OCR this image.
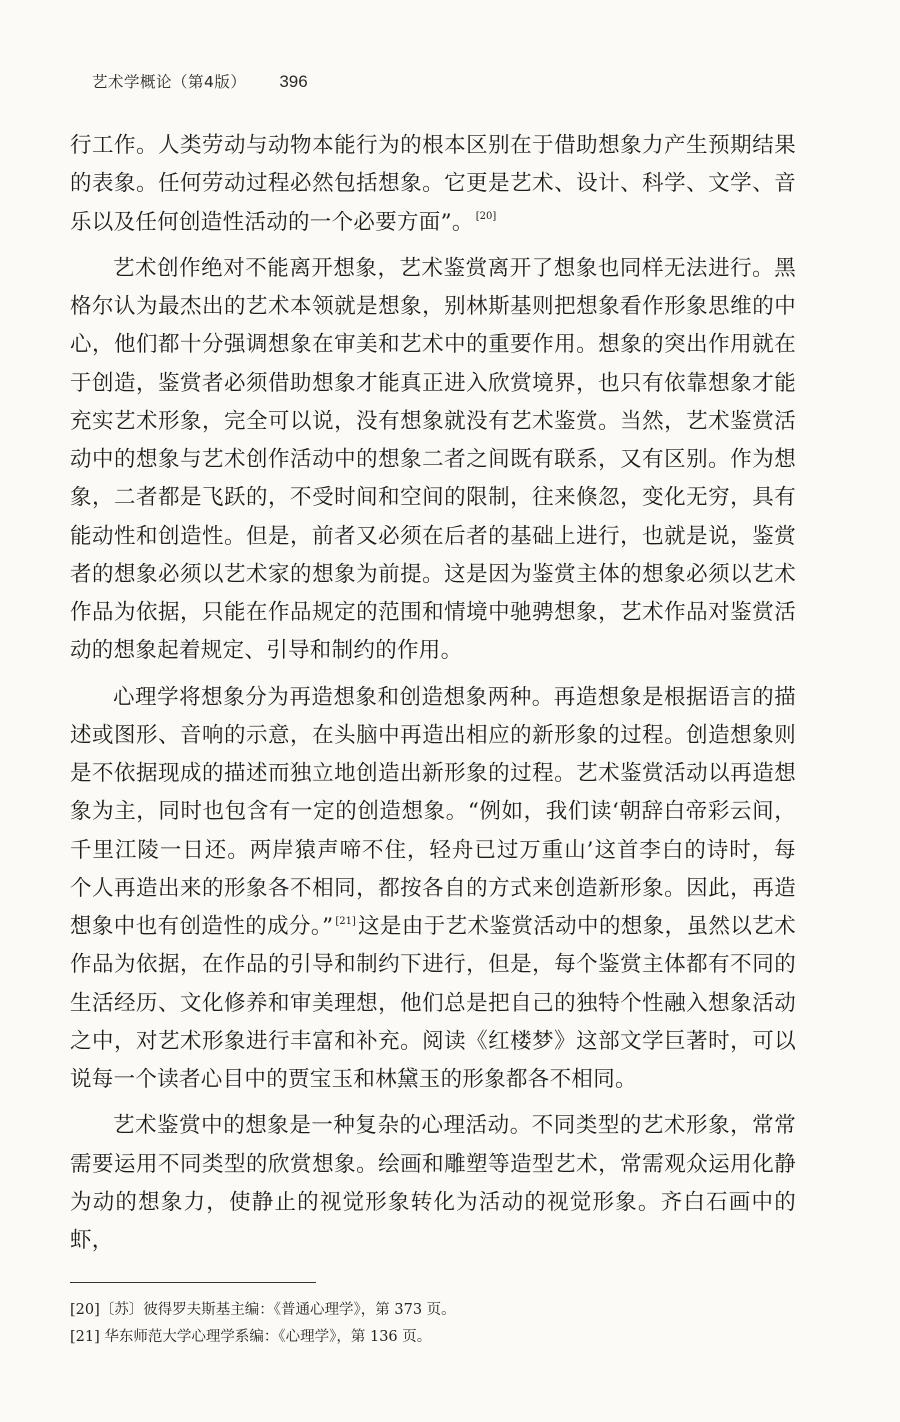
艺术学概论（第4版） 396

行工作。人类劳动与动物本能行为的根本区别在于借助想象力产生预期结果的表象。任何劳动过程必然包括想象。它更是艺术、设计、科学、文学、音乐以及任何创造性活动的一个必要方面”。 [20]

艺术创作绝对不能离开想象，艺术鉴赏离开了想象也同样无法进行。黑格尔认为最杰出的艺术本领就是想象，别林斯基则把想象看作形象思维的中心，他们都十分强调想象在审美和艺术中的重要作用。想象的突出作用就在于创造，鉴赏者必须借助想象才能真正进入欣赏境界，也只有依靠想象才能充实艺术形象，完全可以说，没有想象就没有艺术鉴赏。当然，艺术鉴赏活动中的想象与艺术创作活动中的想象二者之间既有联系，又有区别。作为想象，二者都是飞跃的，不受时间和空间的限制，往来倏忽，变化无穷，具有能动性和创造性。但是，前者又必须在后者的基础上进行，也就是说，鉴赏者的想象必须以艺术家的想象为前提。这是因为鉴赏主体的想象必须以艺术作品为依据，只能在作品规定的范围和情境中驰骋想象，艺术作品对鉴赏活动的想象起着规定、引导和制约的作用。

心理学将想象分为再造想象和创造想象两种。再造想象是根据语言的描述或图形、音响的示意，在头脑中再造出相应的新形象的过程。创造想象则是不依据现成的描述而独立地创造出新形象的过程。艺术鉴赏活动以再造想象为主，同时也包含有一定的创造想象。“例如，我们读‘朝辞白帝彩云间，千里江陵一日还。两岸猿声啼不住，轻舟已过万重山’这首李白的诗时，每个人再造出来的形象各不相同，都按各自的方式来创造新形象。因此，再造想象中也有创造性的成分。” [21]这是由于艺术鉴赏活动中的想象，虽然以艺术作品为依据，在作品的引导和制约下进行，但是，每个鉴赏主体都有不同的生活经历、文化修养和审美理想，他们总是把自己的独特个性融入想象活动之中，对艺术形象进行丰富和补充。阅读《红楼梦》这部文学巨著时，可以说每一个读者心目中的贾宝玉和林黛玉的形象都各不相同。

艺术鉴赏中的想象是一种复杂的心理活动。不同类型的艺术形象，常常需要运用不同类型的欣赏想象。绘画和雕塑等造型艺术，常需观众运用化静为动的想象力，使静止的视觉形象转化为活动的视觉形象。齐白石画中的虾，

[20]〔苏〕彼得罗夫斯基主编：《普通心理学》，第 373 页。
[21] 华东师范大学心理学系编：《心理学》，第 136 页。
